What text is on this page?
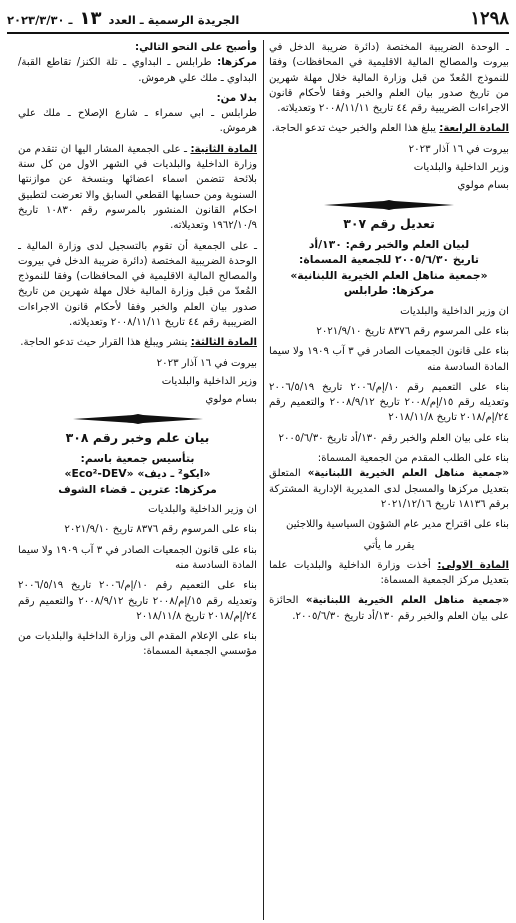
١٢٩٨
الجريدة الرسمية ـ العدد ١٣ ـ ٢٠٢٣/٣/٣٠

ـ الوحدة الضريبية المختصة (دائرة ضريبة الدخل في بيروت والمصالح المالية الاقليمية في المحافظات) وفقا للنموذج المُعدّ من قبل وزارة المالية خلال مهلة شهرين من تاريخ صدور بيان العلم والخبر وفقا لأحكام قانون الاجراءات الضريبية رقم ٤٤ تاريخ ٢٠٠٨/١١/١١ وتعديلاته.

المادة الرابعة: يبلغ هذا العلم والخبر حيث تدعو الحاجة.

بيروت في ١٦ آذار ٢٠٢٣

وزير الداخلية والبلديات

بسام مولوي

تعديل رقم ٣٠٧

لبيان العلم والخبر رقم: ١٣٠/أد

تاريخ ٢٠٠٥/٦/٣٠ للجمعية المسماة:

«جمعية مناهل العلم الخيرية اللبنانية»

مركزها: طرابلس

ان وزير الداخلية والبلديات

بناء على المرسوم رقم ٨٣٧٦ تاريخ ٢٠٢١/٩/١٠

بناء على قانون الجمعيات الصادر في ٣ آب ١٩٠٩ ولا سيما المادة السادسة منه

بناء على التعميم رقم ١٠/إم/٢٠٠٦ تاريخ ٢٠٠٦/٥/١٩ وتعديله رقم ١٥/إم/٢٠٠٨ تاريخ ٢٠٠٨/٩/١٢ والتعميم رقم ٢٤/إم/٢٠١٨ تاريخ ٢٠١٨/١١/٨

بناء على بيان العلم والخبر رقم ١٣٠/أد تاريخ ٢٠٠٥/٦/٣٠

بناء على الطلب المقدم من الجمعية المسماة:
«جمعية مناهل العلم الخيرية اللبنانية» المتعلق بتعديل مركزها والمسجل لدى المديرية الإدارية المشتركة برقم ١٨١٣٦ تاريخ ٢٠٢١/١٢/١٦

بناء على اقتراح مدير عام الشؤون السياسية واللاجئين

يقرر ما يأتي

المادة الاولى: أخذت وزارة الداخلية والبلديات علما بتعديل مركز الجمعية المسماة:

«جمعية مناهل العلم الخيرية اللبنانية» الحائزة على بيان العلم والخبر رقم ١٣٠/أد تاريخ ٢٠٠٥/٦/٣٠.

وأصبح على النحو التالي:

مركزها: طرابلس ـ البداوي ـ تلة الكنز/ تقاطع القبة/ البداوي ـ ملك علي هرموش.

بدلا من:

طرابلس ـ ابي سمراء ـ شارع الإصلاح ـ ملك علي هرموش.

المادة الثانية: ـ على الجمعية المشار اليها ان تتقدم من وزارة الداخلية والبلديات في الشهر الاول من كل سنة بلائحة تتضمن اسماء اعضائها وبنسخة عن موازنتها السنوية ومن حسابها القطعي السابق والا تعرضت لتطبيق احكام القانون المنشور بالمرسوم رقم ١٠٨٣٠ تاريخ ١٩٦٢/١٠/٩ وتعديلاته.

ـ على الجمعية أن تقوم بالتسجيل لدى وزارة المالية ـ الوحدة الضريبية المختصة (دائرة ضريبة الدخل في بيروت والمصالح المالية الاقليمية في المحافظات) وفقا للنموذج المُعدّ من قبل وزارة المالية خلال مهلة شهرين من تاريخ صدور بيان العلم والخبر وفقا لأحكام قانون الاجراءات الضريبية رقم ٤٤ تاريخ ٢٠٠٨/١١/١١ وتعديلاته.

المادة الثالثة: ينشر ويبلغ هذا القرار حيث تدعو الحاجة.

بيروت في ١٦ آذار ٢٠٢٣

وزير الداخلية والبلديات

بسام مولوي

بيان علم وخبر رقم ٣٠٨

بتأسيس جمعية باسم:

«ايكو² ـ ديف» «Eco²-DEV»

مركزها: عترين ـ قضاء الشوف

ان وزير الداخلية والبلديات

بناء على المرسوم رقم ٨٣٧٦ تاريخ ٢٠٢١/٩/١٠

بناء على قانون الجمعيات الصادر في ٣ آب ١٩٠٩ ولا سيما المادة السادسة منه

بناء على التعميم رقم ١٠/إم/٢٠٠٦ تاريخ ٢٠٠٦/٥/١٩ وتعديله رقم ١٥/إم/٢٠٠٨ تاريخ ٢٠٠٨/٩/١٢ والتعميم رقم ٢٤/إم/٢٠١٨ تاريخ ٢٠١٨/١١/٨

بناء على الإعلام المقدم الى وزارة الداخلية والبلديات من مؤسسي الجمعية المسماة:
